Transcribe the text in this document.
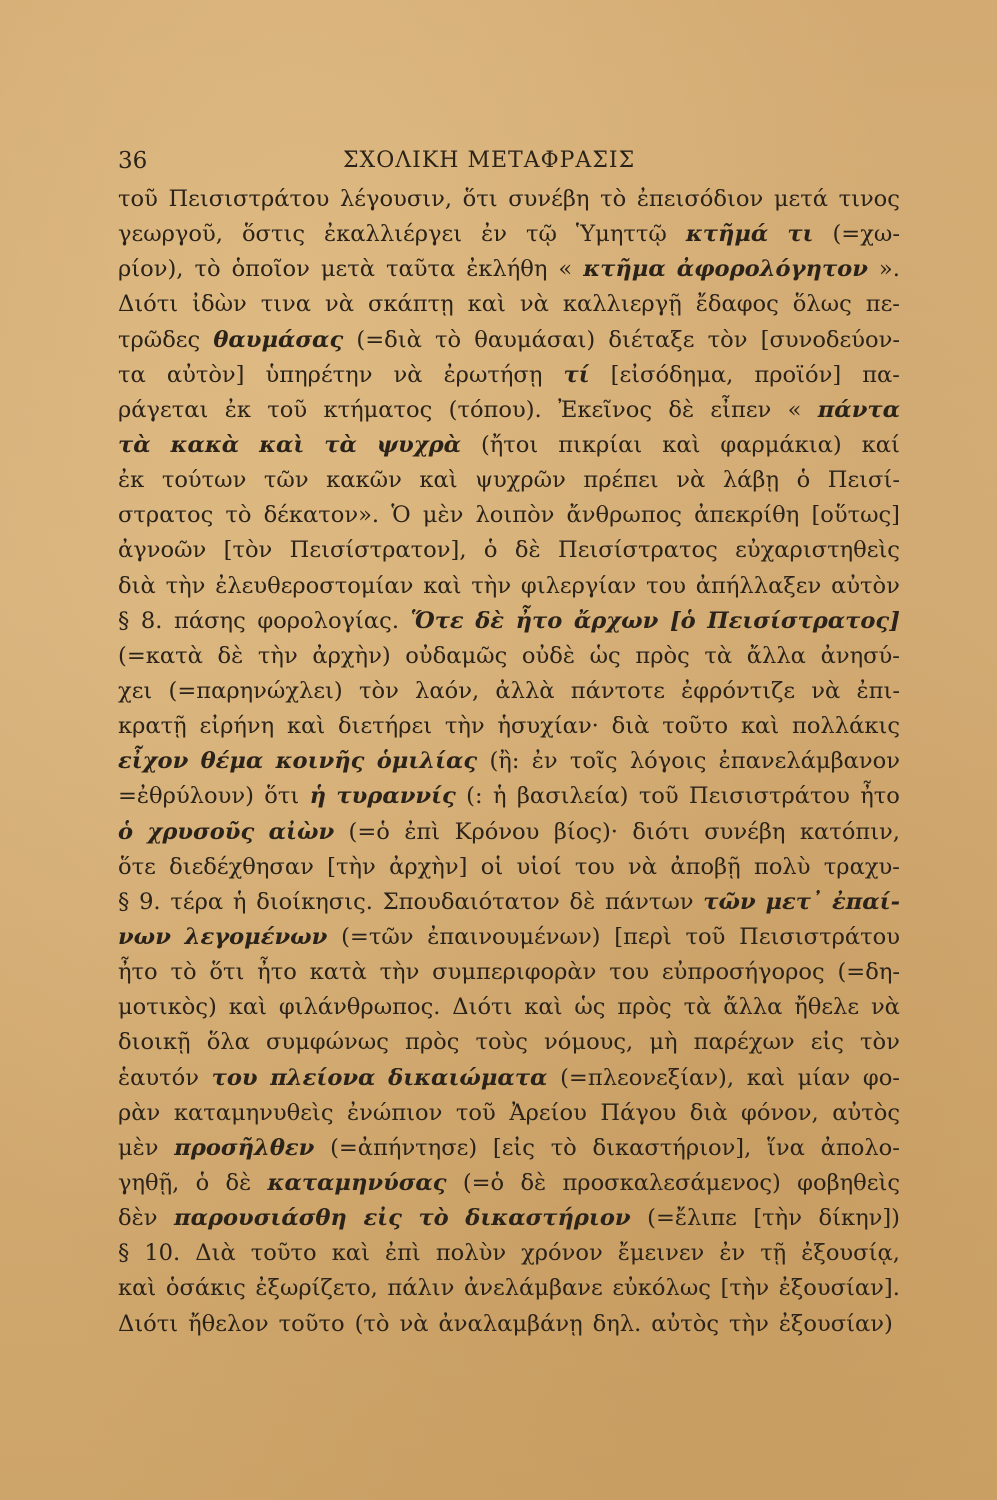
36	ΣΧΟΛΙΚΗ ΜΕΤΑΦΡΑΣΙΣ
τοῦ Πεισιστράτου λέγουσιν, ὅτι συνέβη τὸ ἐπεισόδιον μετά τινος
γεωργοῦ, ὅστις ἐκαλλιέργει ἐν τῷ Ὑμηττῷ κτῆμά τι (=χω-
ρίον), τὸ ὁποῖον μετὰ ταῦτα ἐκλήθη « κτῆμα ἀφορολόγητον ».
Διότι ἰδὼν τινα νὰ σκάπτῃ καὶ νὰ καλλιεργῇ ἔδαφος ὅλως πε-
τρῶδες θαυμάσας (=διὰ τὸ θαυμάσαι) διέταξε τὸν [συνοδεύον-
τα αὐτὸν] ὑπηρέτην νὰ ἐρωτήσῃ τί [εἰσόδημα, προϊόν] πα-
ράγεται ἐκ τοῦ κτήματος (τόπου). Ἐκεῖνος δὲ εἶπεν « πάντα
τὰ κακὰ καὶ τὰ ψυχρὰ (ἤτοι πικρίαι καὶ φαρμάκια) καί
ἐκ τούτων τῶν κακῶν καὶ ψυχρῶν πρέπει νὰ λάβῃ ὁ Πεισί-
στρατος τὸ δέκατον». Ὁ μὲν λοιπὸν ἄνθρωπος ἀπεκρίθη [οὕτως]
ἀγνοῶν [τὸν Πεισίστρατον], ὁ δὲ Πεισίστρατος εὐχαριστηθεὶς
διὰ τὴν ἐλευθεροστομίαν καὶ τὴν φιλεργίαν του ἀπήλλαξεν αὐτὸν
§ 8. πάσης φορολογίας. Ὅτε δὲ ἦτο ἄρχων [ὁ Πεισίστρατος]
(=κατὰ δὲ τὴν ἀρχὴν) οὐδαμῶς οὐδὲ ὡς πρὸς τὰ ἄλλα ἀνησύ-
χει (=παρηνώχλει) τὸν λαόν, ἀλλὰ πάντοτε ἐφρόντιζε νὰ ἐπι-
κρατῇ εἰρήνη καὶ διετήρει τὴν ἡσυχίαν· διὰ τοῦτο καὶ πολλάκις
εἶχον θέμα κοινῆς ὁμιλίας (ἢ: ἐν τοῖς λόγοις ἐπανελάμβανον
=ἐθρύλουν) ὅτι ἡ τυραννίς (: ἡ βασιλεία) τοῦ Πεισιστράτου ἦτο
ὁ χρυσοῦς αἰὼν (=ὁ ἐπὶ Κρόνου βίος)· διότι συνέβη κατόπιν,
ὅτε διεδέχθησαν [τὴν ἀρχὴν] οἱ υἱοί του νὰ ἀποβῇ πολὺ τραχυ-
§ 9. τέρα ἡ διοίκησις. Σπουδαιότατον δὲ πάντων τῶν μετ᾽ ἐπαί-
νων λεγομένων (=τῶν ἐπαινουμένων) [περὶ τοῦ Πεισιστράτου
ἦτο τὸ ὅτι ἦτο κατὰ τὴν συμπεριφορὰν του εὐπροσήγορος (=δη-
μοτικὸς) καὶ φιλάνθρωπος. Διότι καὶ ὡς πρὸς τὰ ἄλλα ἤθελε νὰ
διοικῇ ὅλα συμφώνως πρὸς τοὺς νόμους, μὴ παρέχων εἰς τὸν
ἑαυτόν του πλείονα δικαιώματα (=πλεονεξίαν), καὶ μίαν φο-
ρὰν καταμηνυθεὶς ἐνώπιον τοῦ Ἀρείου Πάγου διὰ φόνον, αὐτὸς
μὲν προσῆλθεν (=ἀπήντησε) [εἰς τὸ δικαστήριον], ἵνα ἀπολο-
γηθῇ, ὁ δὲ καταμηνύσας (=ὁ δὲ προσκαλεσάμενος) φοβηθεὶς
δὲν παρουσιάσθη εἰς τὸ δικαστήριον (=ἔλιπε [τὴν δίκην])
§ 10. Διὰ τοῦτο καὶ ἐπὶ πολὺν χρόνον ἔμεινεν ἐν τῇ ἐξουσίᾳ,
καὶ ὁσάκις ἐξωρίζετο, πάλιν ἀνελάμβανε εὐκόλως [τὴν ἐξουσίαν].
Διότι ἤθελον τοῦτο (τὸ νὰ ἀναλαμβάνῃ δηλ. αὐτὸς τὴν ἐξουσίαν)
